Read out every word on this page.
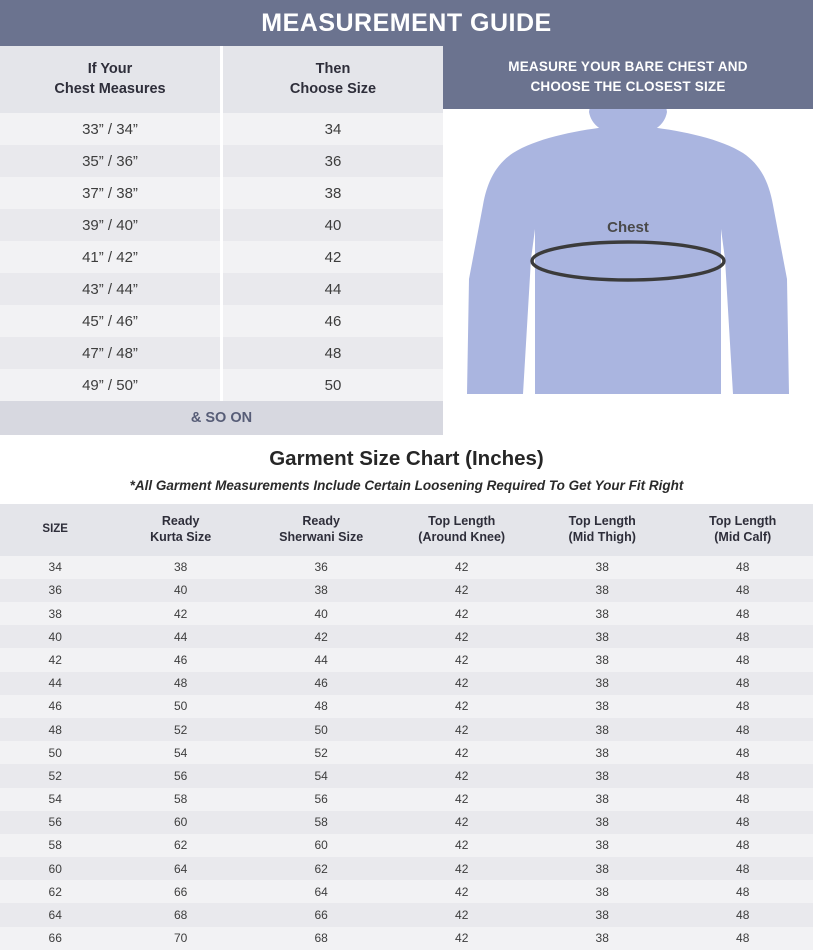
MEASUREMENT GUIDE
If Your
Chest Measures

Then
Choose Size

33” / 34”	34
35” / 36”	36
37” / 38”	38
39” / 40”	40
41” / 42”	42
43” / 44”	44
45” / 46”	46
47” / 48”	48
49” / 50”	50
& SO ON	
MEASURE YOUR BARE CHEST AND
CHOOSE THE CLOSEST SIZE
Chest
Garment Size Chart (Inches)
*All Garment Measurements Include Certain Loosening Required To Get Your Fit Right
SIZE

Ready
Kurta Size

Ready
Sherwani Size

Top Length
(Around Knee)

Top Length
(Mid Thigh)

Top Length
(Mid Calf)

34	38	36	42	38	48
36	40	38	42	38	48
38	42	40	42	38	48
40	44	42	42	38	48
42	46	44	42	38	48
44	48	46	42	38	48
46	50	48	42	38	48
48	52	50	42	38	48
50	54	52	42	38	48
52	56	54	42	38	48
54	58	56	42	38	48
56	60	58	42	38	48
58	62	60	42	38	48
60	64	62	42	38	48
62	66	64	42	38	48
64	68	66	42	38	48
66	70	68	42	38	48
